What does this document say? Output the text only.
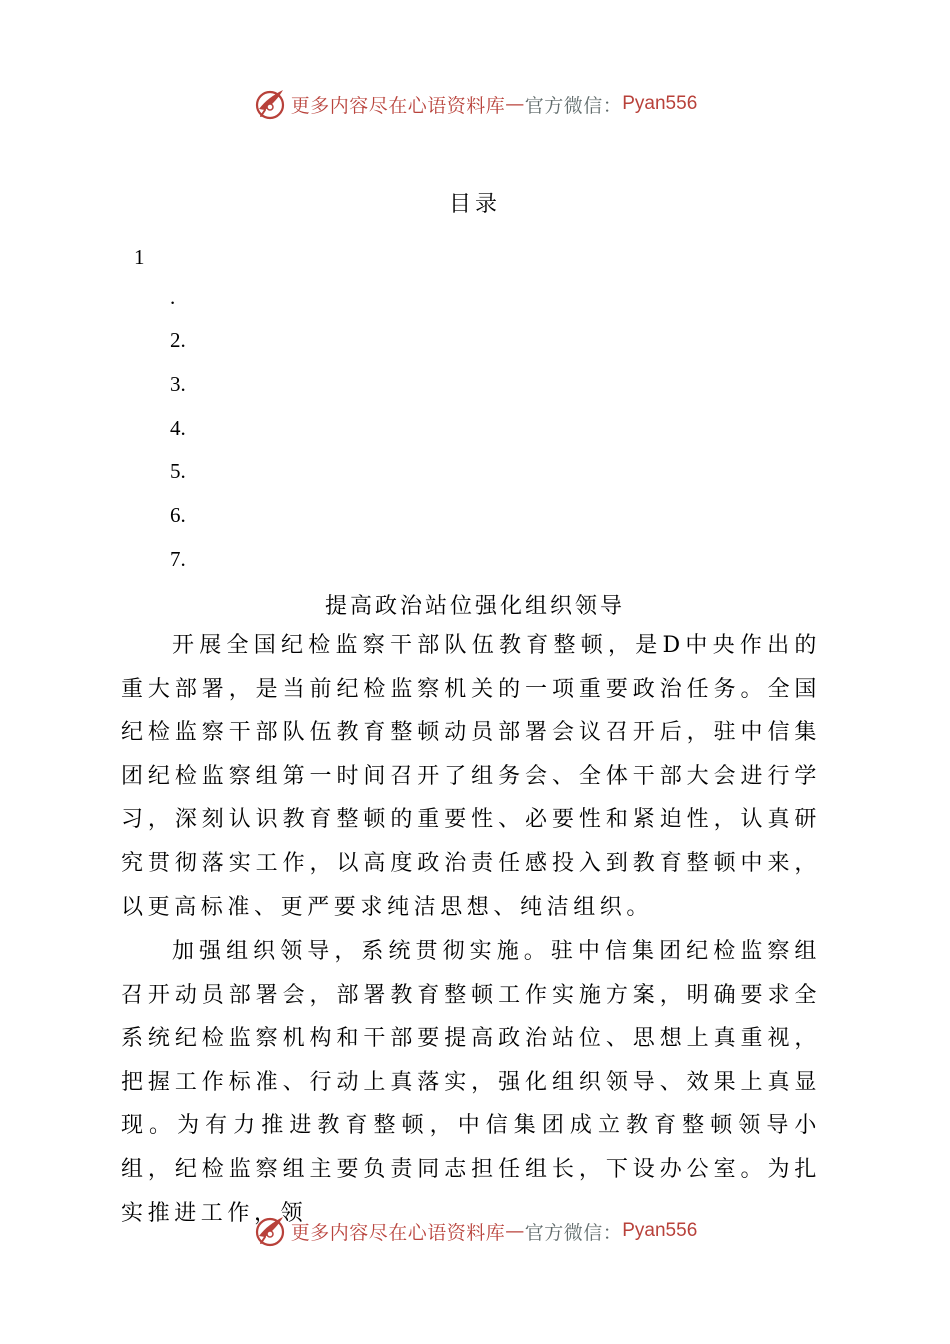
更多内容尽在心语资料库 — 官方微信： Pyan556
目录
1
.
2.
3.
4.
5.
6.
7.
提高政治站位强化组织领导

开展全国纪检监察干部队伍教育整顿，是D中央作出的重大部署，是当前纪检监察机关的一项重要政治任务。全国纪检监察干部队伍教育整顿动员部署会议召开后，驻中信集团纪检监察组第一时间召开了组务会、全体干部大会进行学习，深刻认识教育整顿的重要性、必要性和紧迫性，认真研究贯彻落实工作，以高度政治责任感投入到教育整顿中来，以更高标准、更严要求纯洁思想、纯洁组织。

加强组织领导，系统贯彻实施。驻中信集团纪检监察组召开动员部署会，部署教育整顿工作实施方案，明确要求全系统纪检监察机构和干部要提高政治站位、思想上真重视，把握工作标准、行动上真落实，强化组织领导、效果上真显现。为有力推进教育整顿，中信集团成立教育整顿领导小组，纪检监察组主要负责同志担任组长，下设办公室。为扎实推进工作，领

更多内容尽在心语资料库 — 官方微信： Pyan556
